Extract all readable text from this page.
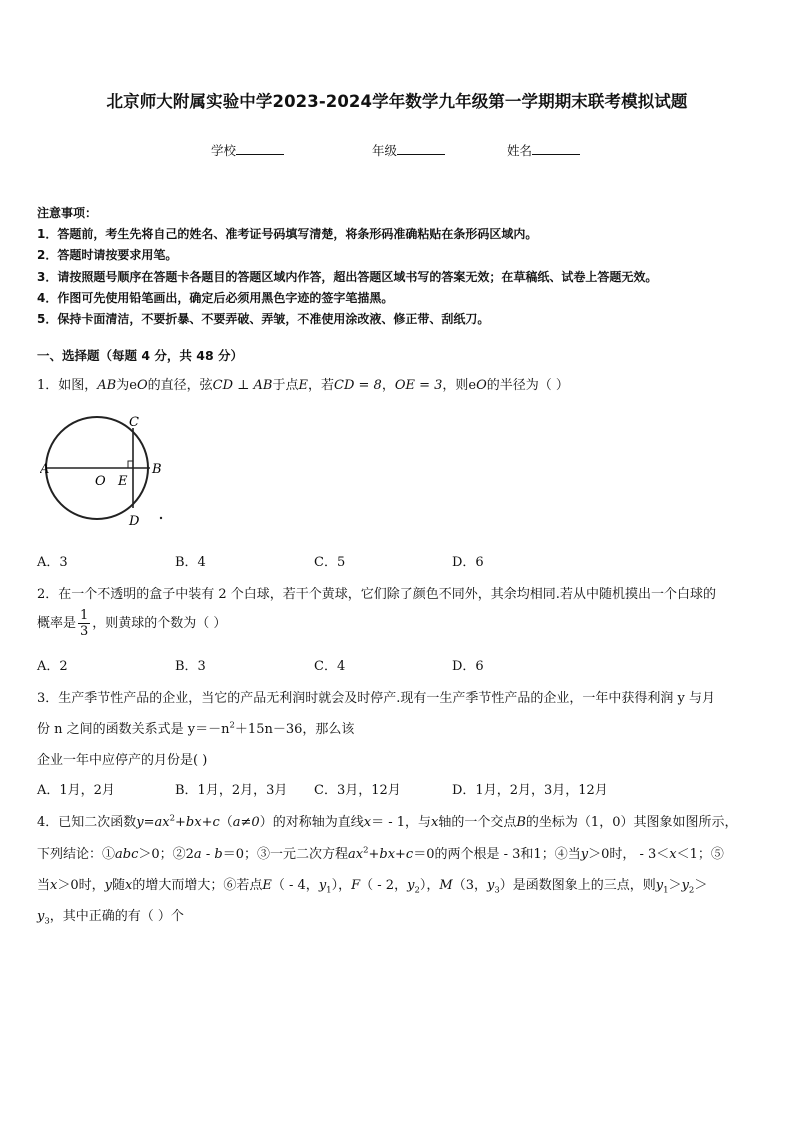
北京师大附属实验中学2023-2024学年数学九年级第一学期期末联考模拟试题
学校	年级	姓名
注意事项：
1．答题前，考生先将自己的姓名、准考证号码填写清楚，将条形码准确粘贴在条形码区域内。
2．答题时请按要求用笔。
3．请按照题号顺序在答题卡各题目的答题区域内作答，超出答题区域书写的答案无效；在草稿纸、试卷上答题无效。
4．作图可先使用铅笔画出，确定后必须用黑色字迹的签字笔描黑。
5．保持卡面清洁，不要折暴、不要弄破、弄皱，不准使用涂改液、修正带、刮纸刀。
一、选择题（每题 4 分，共 48 分）
1．如图，AB为eO的直径，弦CD ⊥ AB于点E，若CD = 8，OE = 3，则eO的半径为（ ）
A	B
C
D
O E
A．3	B．4	C．5	D．6
2．在一个不透明的盒子中装有 2 个白球，若干个黄球，它们除了颜色不同外，其余均相同.若从中随机摸出一个白球的
概率是 $\frac{1}{3}$ ，则黄球的个数为（ ）
A．2	B．3	C．4	D．6
3．生产季节性产品的企业，当它的产品无利润时就会及时停产.现有一生产季节性产品的企业，一年中获得利润 y 与月
份 n 之间的函数关系式是 $y=-n^2+15n-36$，那么该
企业一年中应停产的月份是( )
A．1月，2月	B．1月，2月，3月 C．3月，12月	D．1月，2月，3月，12月
4．已知二次函数$y=ax^2+bx+c(a\ne 0)$的对称轴为直线x＝ - 1，与x轴的一个交点B的坐标为（1，0）其图象如图所示，
下列结论：①abc＞0；②2a - b＝0；③一元二次方程$ax^2+bx+c=0$的两个根是 - 3和1；④当y＞0时， - 3＜x＜1；⑤
当x＞0时，y随x的增大而增大；⑥若点E（ - 4，$y_1$），F（ - 2，$y_2$），M（3，$y_3$）是函数图象上的三点，则$y_1>y_2>$
$y_3$，其中正确的有（ ）个
